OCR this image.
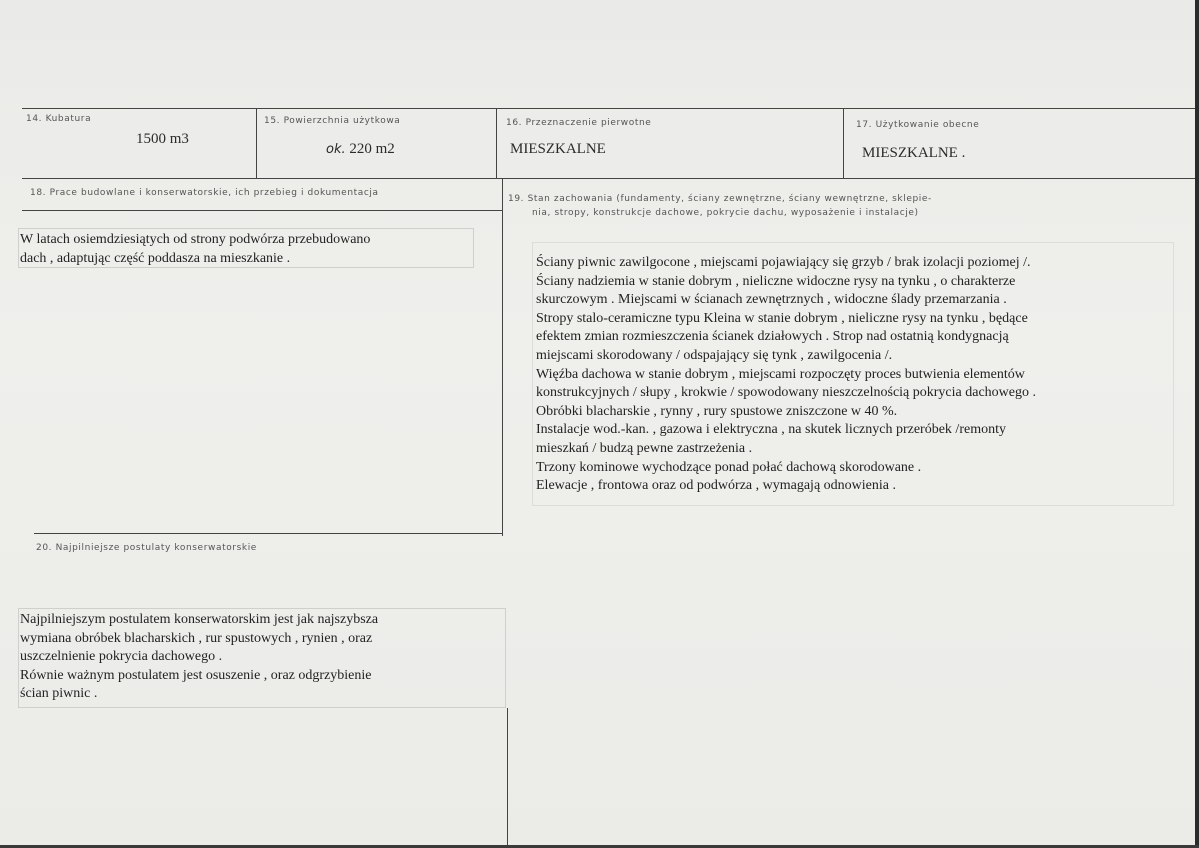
14. Kubatura
1500 m3
15. Powierzchnia użytkowa
ok. 220 m2
16. Przeznaczenie pierwotne
MIESZKALNE
17. Użytkowanie obecne
MIESZKALNE .
18. Prace budowlane i konserwatorskie, ich przebieg i dokumentacja

W latach osiemdziesiątych od strony podwórza przebudowano

dach , adaptując część poddasza na mieszkanie .

20. Najpilniejsze postulaty konserwatorskie

Najpilniejszym postulatem konserwatorskim jest jak najszybsza

wymiana obróbek blacharskich , rur spustowych , rynien , oraz

uszczelnienie pokrycia dachowego .

Równie ważnym postulatem jest osuszenie , oraz odgrzybienie

ścian piwnic .

19. Stan zachowania (fundamenty, ściany zewnętrzne, ściany wewnętrzne, sklepie-
nia, stropy, konstrukcje dachowe, pokrycie dachu, wyposażenie i instalacje)

Ściany piwnic zawilgocone , miejscami pojawiający się grzyb / brak izolacji poziomej /.

Ściany nadziemia w stanie dobrym , nieliczne widoczne rysy na tynku , o charakterze

skurczowym . Miejscami w ścianach zewnętrznych , widoczne ślady przemarzania .

Stropy stalo-ceramiczne typu Kleina w stanie dobrym , nieliczne rysy na tynku , będące

efektem zmian rozmieszczenia ścianek działowych . Strop nad ostatnią kondygnacją

miejscami skorodowany / odspajający się tynk , zawilgocenia /.

Więźba dachowa w stanie dobrym , miejscami rozpoczęty proces butwienia elementów

konstrukcyjnych / słupy , krokwie / spowodowany nieszczelnością pokrycia dachowego .

Obróbki blacharskie , rynny , rury spustowe zniszczone w 40 %.

Instalacje wod.-kan. , gazowa i elektryczna , na skutek licznych przeróbek /remonty

mieszkań / budzą pewne zastrzeżenia .

Trzony kominowe wychodzące ponad połać dachową skorodowane .

Elewacje , frontowa oraz od podwórza , wymagają odnowienia .
